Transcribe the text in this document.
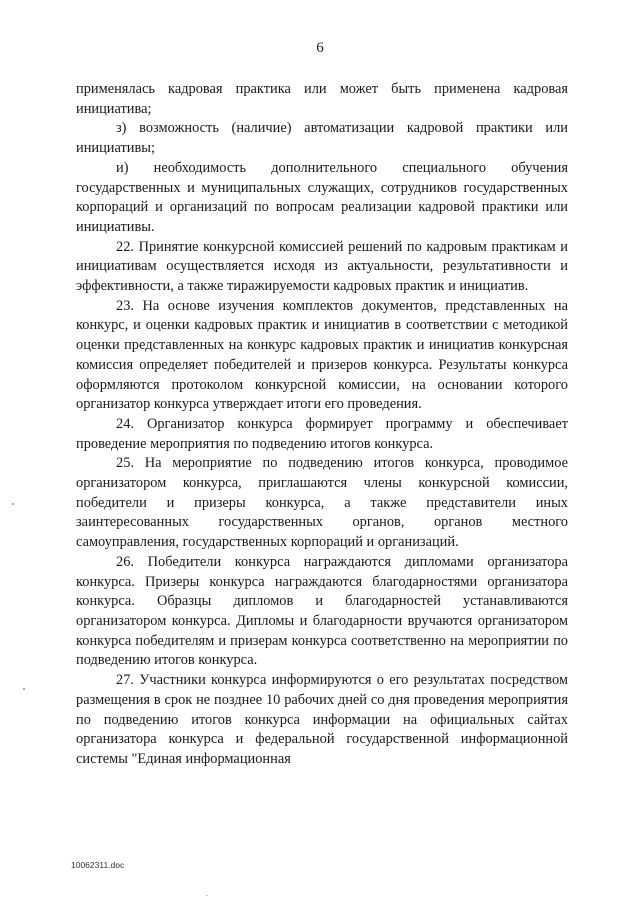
6

применялась кадровая практика или может быть применена кадровая инициатива;

з) возможность (наличие) автоматизации кадровой практики или инициативы;

и) необходимость дополнительного специального обучения государственных и муниципальных служащих, сотрудников государственных корпораций и организаций по вопросам реализации кадровой практики или инициативы.

22. Принятие конкурсной комиссией решений по кадровым практикам и инициативам осуществляется исходя из актуальности, результативности и эффективности, а также тиражируемости кадровых практик и инициатив.

23. На основе изучения комплектов документов, представленных на конкурс, и оценки кадровых практик и инициатив в соответствии с методикой оценки представленных на конкурс кадровых практик и инициатив конкурсная комиссия определяет победителей и призеров конкурса. Результаты конкурса оформляются протоколом конкурсной комиссии, на основании которого организатор конкурса утверждает итоги его проведения.

24. Организатор конкурса формирует программу и обеспечивает проведение мероприятия по подведению итогов конкурса.

25. На мероприятие по подведению итогов конкурса, проводимое организатором конкурса, приглашаются члены конкурсной комиссии, победители и призеры конкурса, а также представители иных заинтересованных государственных органов, органов местного самоуправления, государственных корпораций и организаций.

26. Победители конкурса награждаются дипломами организатора конкурса. Призеры конкурса награждаются благодарностями организатора конкурса. Образцы дипломов и благодарностей устанавливаются организатором конкурса. Дипломы и благодарности вручаются организатором конкурса победителям и призерам конкурса соответственно на мероприятии по подведению итогов конкурса.

27. Участники конкурса информируются о его результатах посредством размещения в срок не позднее 10 рабочих дней со дня проведения мероприятия по подведению итогов конкурса информации на официальных сайтах организатора конкурса и федеральной государственной информационной системы "Единая информационная

10062311.doc
.
